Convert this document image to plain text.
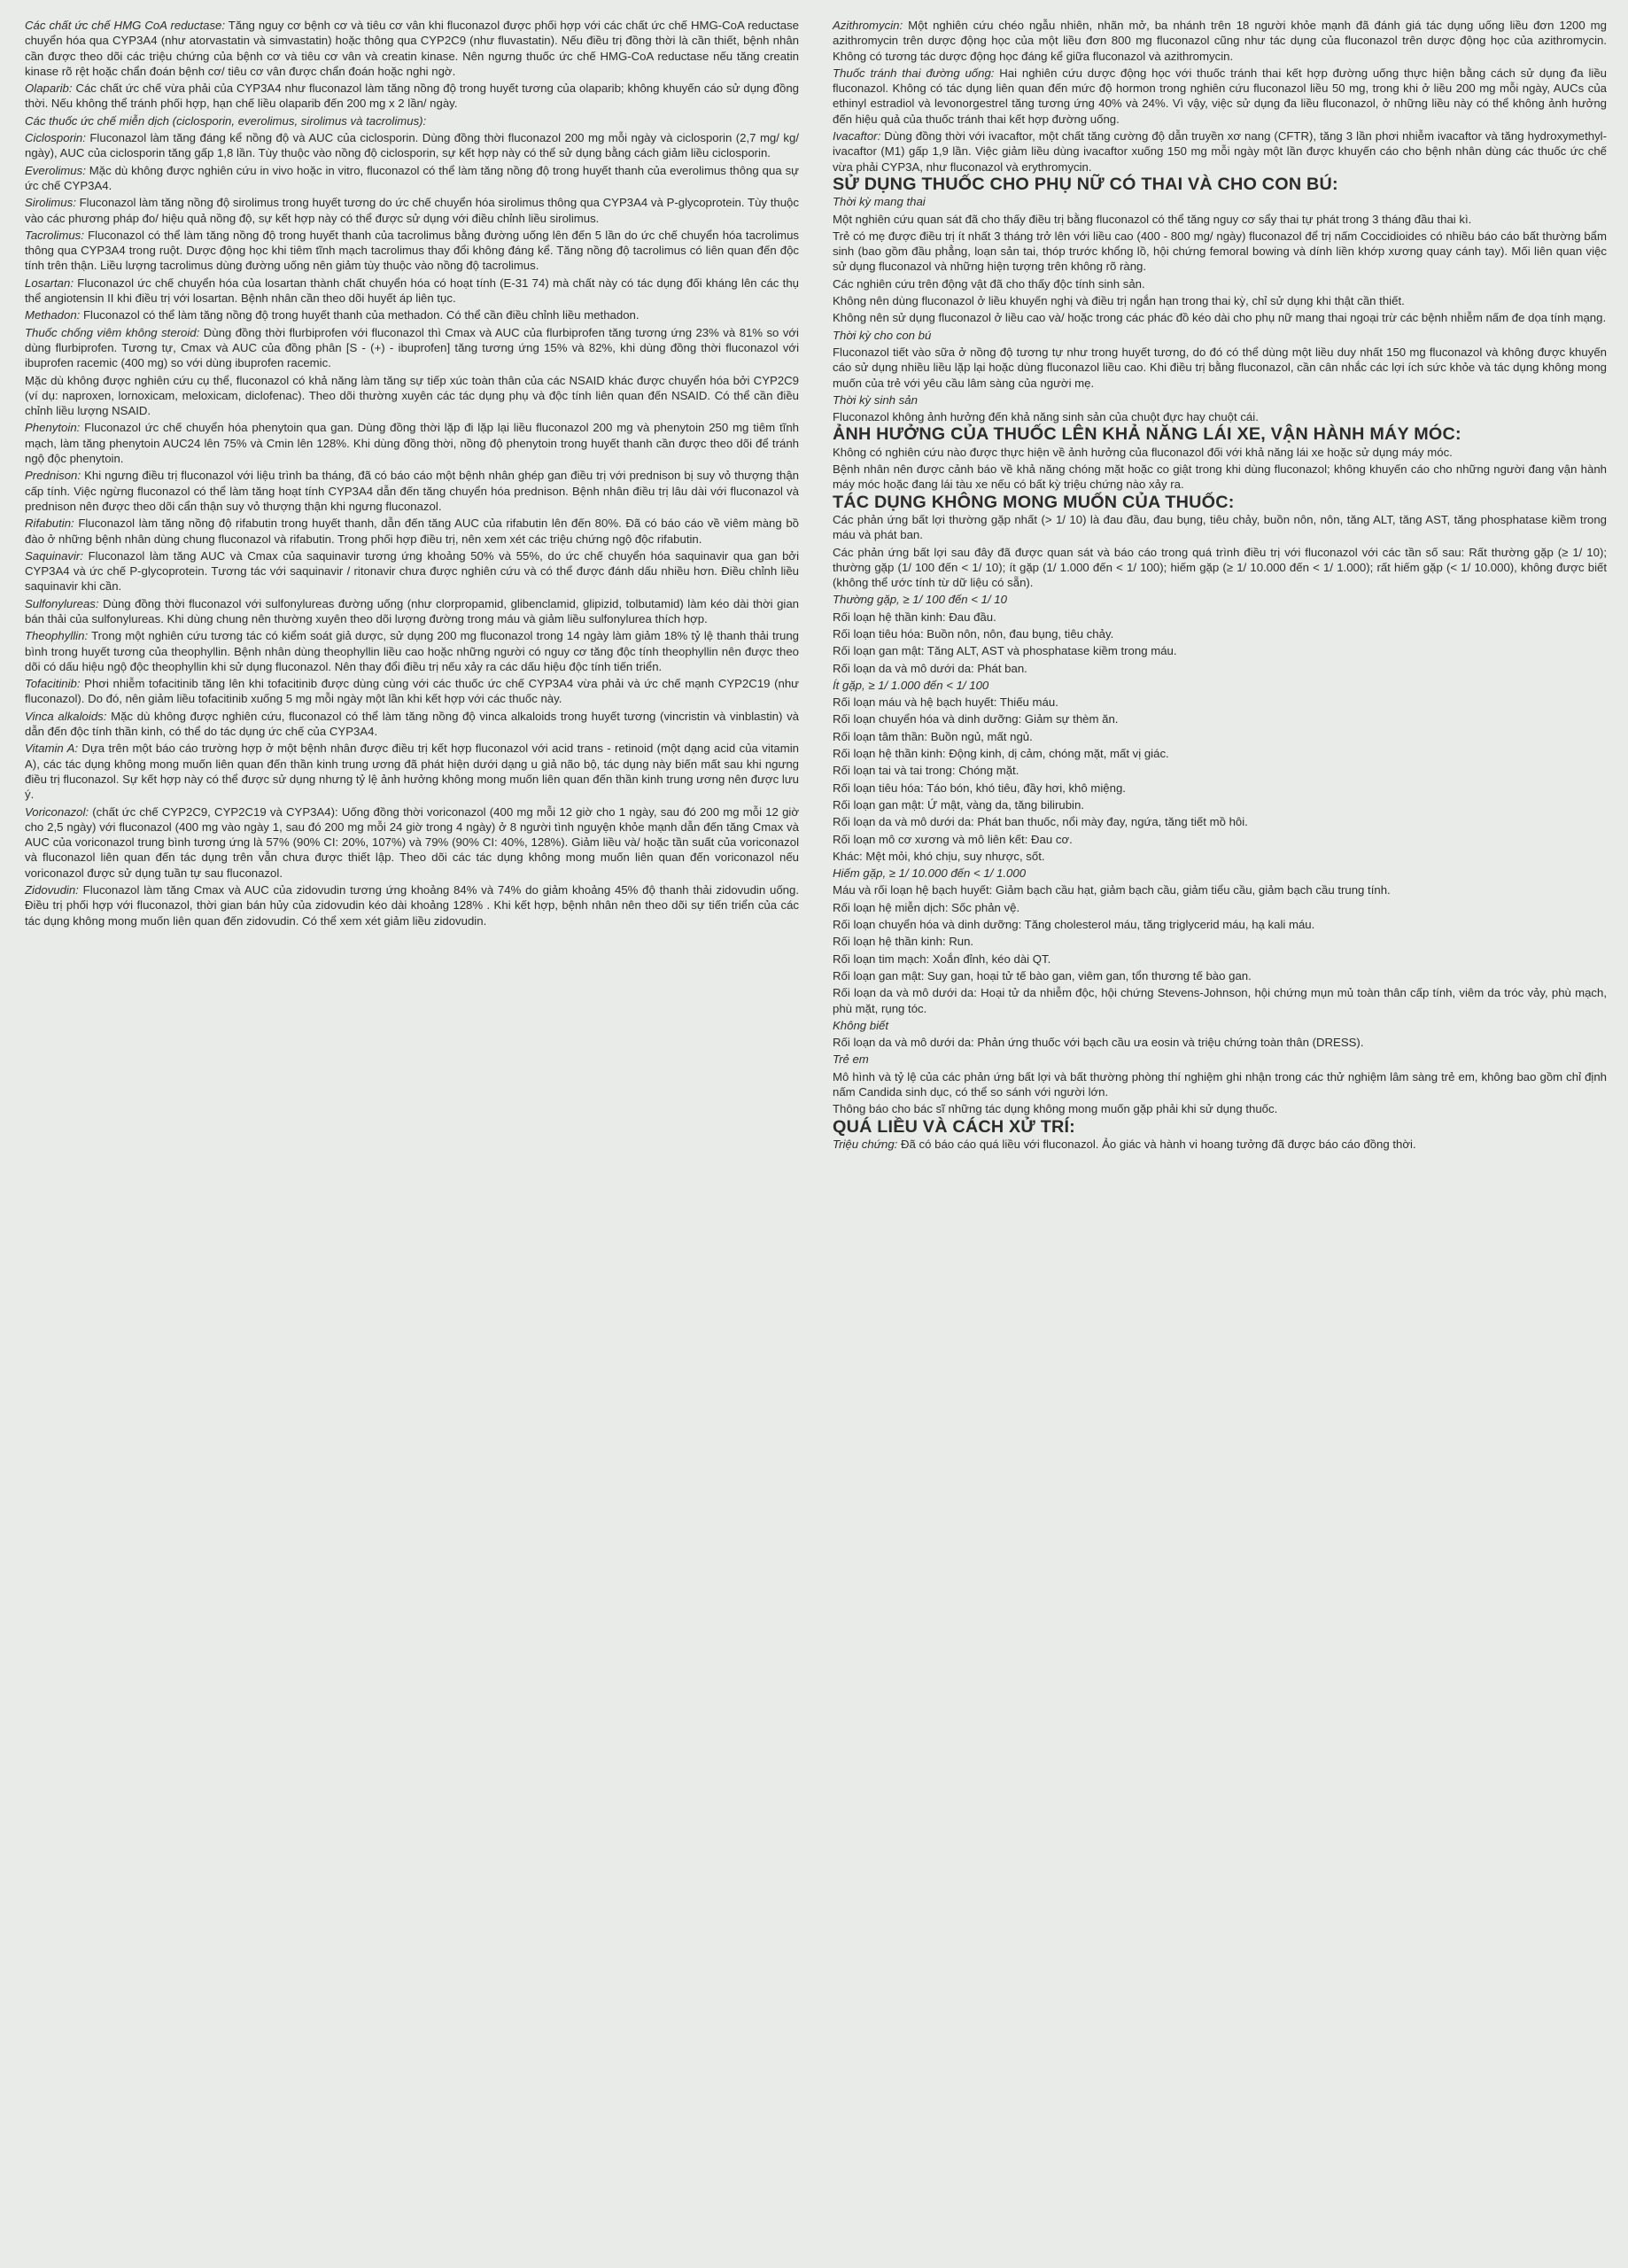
Các chất ức chế HMG CoA reductase: Tăng nguy cơ bệnh cơ và tiêu cơ vân khi fluconazol được phối hợp với các chất ức chế HMG-CoA reductase chuyển hóa qua CYP3A4 (như atorvastatin và simvastatin) hoặc thông qua CYP2C9 (như fluvastatin). Nếu điều trị đồng thời là cần thiết, bệnh nhân cần được theo dõi các triệu chứng của bệnh cơ và tiêu cơ vân và creatin kinase. Nên ngưng thuốc ức chế HMG-CoA reductase nếu tăng creatin kinase rõ rệt hoặc chẩn đoán bệnh cơ/ tiêu cơ vân được chẩn đoán hoặc nghi ngờ.

Olaparib: Các chất ức chế vừa phải của CYP3A4 như fluconazol làm tăng nồng độ trong huyết tương của olaparib; không khuyến cáo sử dụng đồng thời. Nếu không thể tránh phối hợp, hạn chế liều olaparib đến 200 mg x 2 lần/ ngày.

Các thuốc ức chế miễn dịch (ciclosporin, everolimus, sirolimus và tacrolimus):

Ciclosporin: Fluconazol làm tăng đáng kể nồng độ và AUC của ciclosporin. Dùng đồng thời fluconazol 200 mg mỗi ngày và ciclosporin (2,7 mg/ kg/ ngày), AUC của ciclosporin tăng gấp 1,8 lần. Tùy thuộc vào nồng độ ciclosporin, sự kết hợp này có thể sử dụng bằng cách giảm liều ciclosporin.

Everolimus: Mặc dù không được nghiên cứu in vivo hoặc in vitro, fluconazol có thể làm tăng nồng độ trong huyết thanh của everolimus thông qua sự ức chế CYP3A4.

Sirolimus: Fluconazol làm tăng nồng độ sirolimus trong huyết tương do ức chế chuyển hóa sirolimus thông qua CYP3A4 và P-glycoprotein. Tùy thuộc vào các phương pháp đo/ hiệu quả nồng độ, sự kết hợp này có thể được sử dụng với điều chỉnh liều sirolimus.

Tacrolimus: Fluconazol có thể làm tăng nồng độ trong huyết thanh của tacrolimus bằng đường uống lên đến 5 lần do ức chế chuyển hóa tacrolimus thông qua CYP3A4 trong ruột. Dược động học khi tiêm tĩnh mạch tacrolimus thay đổi không đáng kể. Tăng nồng độ tacrolimus có liên quan đến độc tính trên thận. Liều lượng tacrolimus dùng đường uống nên giảm tùy thuộc vào nồng độ tacrolimus.

Losartan: Fluconazol ức chế chuyển hóa của losartan thành chất chuyển hóa có hoạt tính (E-31 74) mà chất này có tác dụng đối kháng lên các thụ thể angiotensin II khi điều trị với losartan. Bệnh nhân cần theo dõi huyết áp liên tục.

Methadon: Fluconazol có thể làm tăng nồng độ trong huyết thanh của methadon. Có thể cần điều chỉnh liều methadon.

Thuốc chống viêm không steroid: Dùng đồng thời flurbiprofen với fluconazol thì Cmax và AUC của flurbiprofen tăng tương ứng 23% và 81% so với dùng flurbiprofen. Tương tự, Cmax và AUC của đồng phân [S - (+) - ibuprofen] tăng tương ứng 15% và 82%, khi dùng đồng thời fluconazol với ibuprofen racemic (400 mg) so với dùng ibuprofen racemic.

Mặc dù không được nghiên cứu cụ thể, fluconazol có khả năng làm tăng sự tiếp xúc toàn thân của các NSAID khác được chuyển hóa bởi CYP2C9 (ví dụ: naproxen, lornoxicam, meloxicam, diclofenac). Theo dõi thường xuyên các tác dụng phụ và độc tính liên quan đến NSAID. Có thể cần điều chỉnh liều lượng NSAID.

Phenytoin: Fluconazol ức chế chuyển hóa phenytoin qua gan. Dùng đồng thời lặp đi lặp lại liều fluconazol 200 mg và phenytoin 250 mg tiêm tĩnh mạch, làm tăng phenytoin AUC24 lên 75% và Cmin lên 128%. Khi dùng đồng thời, nồng độ phenytoin trong huyết thanh cần được theo dõi để tránh ngộ độc phenytoin.

Prednison: Khi ngưng điều trị fluconazol với liệu trình ba tháng, đã có báo cáo một bệnh nhân ghép gan điều trị với prednison bị suy vỏ thượng thận cấp tính. Việc ngừng fluconazol có thể làm tăng hoạt tính CYP3A4 dẫn đến tăng chuyển hóa prednison. Bệnh nhân điều trị lâu dài với fluconazol và prednison nên được theo dõi cẩn thận suy vỏ thượng thận khi ngưng fluconazol.

Rifabutin: Fluconazol làm tăng nồng độ rifabutin trong huyết thanh, dẫn đến tăng AUC của rifabutin lên đến 80%. Đã có báo cáo về viêm màng bồ đào ở những bệnh nhân dùng chung fluconazol và rifabutin. Trong phối hợp điều trị, nên xem xét các triệu chứng ngộ độc rifabutin.

Saquinavir: Fluconazol làm tăng AUC và Cmax của saquinavir tương ứng khoảng 50% và 55%, do ức chế chuyển hóa saquinavir qua gan bởi CYP3A4 và ức chế P-glycoprotein. Tương tác với saquinavir / ritonavir chưa được nghiên cứu và có thể được đánh dấu nhiều hơn. Điều chỉnh liều saquinavir khi cần.

Sulfonylureas: Dùng đồng thời fluconazol với sulfonylureas đường uống (như clorpropamid, glibenclamid, glipizid, tolbutamid) làm kéo dài thời gian bán thải của sulfonylureas. Khi dùng chung nên thường xuyên theo dõi lượng đường trong máu và giảm liều sulfonylurea thích hợp.

Theophyllin: Trong một nghiên cứu tương tác có kiểm soát giả dược, sử dụng 200 mg fluconazol trong 14 ngày làm giảm 18% tỷ lệ thanh thải trung bình trong huyết tương của theophyllin. Bệnh nhân dùng theophyllin liều cao hoặc những người có nguy cơ tăng độc tính theophyllin nên được theo dõi có dấu hiệu ngộ độc theophyllin khi sử dụng fluconazol. Nên thay đổi điều trị nếu xảy ra các dấu hiệu độc tính tiến triển.

Tofacitinib: Phơi nhiễm tofacitinib tăng lên khi tofacitinib được dùng cùng với các thuốc ức chế CYP3A4 vừa phải và ức chế mạnh CYP2C19 (như fluconazol). Do đó, nên giảm liều tofacitinib xuống 5 mg mỗi ngày một lần khi kết hợp với các thuốc này.

Vinca alkaloids: Mặc dù không được nghiên cứu, fluconazol có thể làm tăng nồng độ vinca alkaloids trong huyết tương (vincristin và vinblastin) và dẫn đến độc tính thần kinh, có thể do tác dụng ức chế của CYP3A4.

Vitamin A: Dựa trên một báo cáo trường hợp ở một bệnh nhân được điều trị kết hợp fluconazol với acid trans - retinoid (một dạng acid của vitamin A), các tác dụng không mong muốn liên quan đến thần kinh trung ương đã phát hiện dưới dạng u giả não bộ, tác dụng này biến mất sau khi ngưng điều trị fluconazol. Sự kết hợp này có thể được sử dụng nhưng tỷ lệ ảnh hưởng không mong muốn liên quan đến thần kinh trung ương nên được lưu ý.

Voriconazol: (chất ức chế CYP2C9, CYP2C19 và CYP3A4): Uống đồng thời voriconazol (400 mg mỗi 12 giờ cho 1 ngày, sau đó 200 mg mỗi 12 giờ cho 2,5 ngày) với fluconazol (400 mg vào ngày 1, sau đó 200 mg mỗi 24 giờ trong 4 ngày) ở 8 người tình nguyện khỏe mạnh dẫn đến tăng Cmax và AUC của voriconazol trung bình tương ứng là 57% (90% CI: 20%, 107%) và 79% (90% CI: 40%, 128%). Giảm liều và/ hoặc tần suất của voriconazol và fluconazol liên quan đến tác dụng trên vẫn chưa được thiết lập. Theo dõi các tác dụng không mong muốn liên quan đến voriconazol nếu voriconazol được sử dụng tuần tự sau fluconazol.

Zidovudin: Fluconazol làm tăng Cmax và AUC của zidovudin tương ứng khoảng 84% và 74% do giảm khoảng 45% độ thanh thải zidovudin uống. Điều trị phối hợp với fluconazol, thời gian bán hủy của zidovudin kéo dài khoảng 128% . Khi kết hợp, bệnh nhân nên theo dõi sự tiến triển của các tác dụng không mong muốn liên quan đến zidovudin. Có thể xem xét giảm liều zidovudin.

Azithromycin: Một nghiên cứu chéo ngẫu nhiên, nhãn mở, ba nhánh trên 18 người khỏe mạnh đã đánh giá tác dụng uống liều đơn 1200 mg azithromycin trên dược động học của một liều đơn 800 mg fluconazol cũng như tác dụng của fluconazol trên dược động học của azithromycin. Không có tương tác dược động học đáng kể giữa fluconazol và azithromycin.

Thuốc tránh thai đường uống: Hai nghiên cứu dược động học với thuốc tránh thai kết hợp đường uống thực hiện bằng cách sử dụng đa liều fluconazol. Không có tác dụng liên quan đến mức độ hormon trong nghiên cứu fluconazol liều 50 mg, trong khi ở liều 200 mg mỗi ngày, AUCs của ethinyl estradiol và levonorgestrel tăng tương ứng 40% và 24%. Vì vậy, việc sử dụng đa liều fluconazol, ở những liều này có thể không ảnh hưởng đến hiệu quả của thuốc tránh thai kết hợp đường uống.

Ivacaftor: Dùng đồng thời với ivacaftor, một chất tăng cường độ dẫn truyền xơ nang (CFTR), tăng 3 lần phơi nhiễm ivacaftor và tăng hydroxymethyl-ivacaftor (M1) gấp 1,9 lần. Việc giảm liều dùng ivacaftor xuống 150 mg mỗi ngày một lần được khuyến cáo cho bệnh nhân dùng các thuốc ức chế vừa phải CYP3A, như fluconazol và erythromycin.

SỬ DỤNG THUỐC CHO PHỤ NỮ CÓ THAI VÀ CHO CON BÚ:
Thời kỳ mang thai

Một nghiên cứu quan sát đã cho thấy điều trị bằng fluconazol có thể tăng nguy cơ sẩy thai tự phát trong 3 tháng đầu thai kì.

Trẻ có mẹ được điều trị ít nhất 3 tháng trở lên với liều cao (400 - 800 mg/ ngày) fluconazol để trị nấm Coccidioides có nhiều báo cáo bất thường bẩm sinh (bao gồm đầu phẳng, loạn sản tai, thóp trước khổng lồ, hội chứng femoral bowing và dính liền khớp xương quay cánh tay). Mối liên quan việc sử dụng fluconazol và những hiện tượng trên không rõ ràng.

Các nghiên cứu trên động vật đã cho thấy độc tính sinh sản.

Không nên dùng fluconazol ở liều khuyến nghị và điều trị ngắn hạn trong thai kỳ, chỉ sử dụng khi thật cần thiết.

Không nên sử dụng fluconazol ở liều cao và/ hoặc trong các phác đồ kéo dài cho phụ nữ mang thai ngoại trừ các bệnh nhiễm nấm đe dọa tính mạng.

Thời kỳ cho con bú

Fluconazol tiết vào sữa ở nồng độ tương tự như trong huyết tương, do đó có thể dùng một liều duy nhất 150 mg fluconazol và không được khuyến cáo sử dụng nhiều liều lặp lại hoặc dùng fluconazol liều cao. Khi điều trị bằng fluconazol, cần cân nhắc các lợi ích sức khỏe và tác dụng không mong muốn của trẻ với yêu cầu lâm sàng của người mẹ.

Thời kỳ sinh sản

Fluconazol không ảnh hưởng đến khả năng sinh sản của chuột đực hay chuột cái.

ẢNH HƯỞNG CỦA THUỐC LÊN KHẢ NĂNG LÁI XE, VẬN HÀNH MÁY MÓC:

Không có nghiên cứu nào được thực hiện về ảnh hưởng của fluconazol đối với khả năng lái xe hoặc sử dụng máy móc.

Bệnh nhân nên được cảnh báo về khả năng chóng mặt hoặc co giật trong khi dùng fluconazol; không khuyến cáo cho những người đang vận hành máy móc hoặc đang lái tàu xe nếu có bất kỳ triệu chứng nào xảy ra.

TÁC DỤNG KHÔNG MONG MUỐN CỦA THUỐC:

Các phản ứng bất lợi thường gặp nhất (> 1/ 10) là đau đầu, đau bụng, tiêu chảy, buồn nôn, nôn, tăng ALT, tăng AST, tăng phosphatase kiềm trong máu và phát ban.

Các phản ứng bất lợi sau đây đã được quan sát và báo cáo trong quá trình điều trị với fluconazol với các tần số sau: Rất thường gặp (≥ 1/ 10); thường gặp (1/ 100 đến < 1/ 10); ít gặp (1/ 1.000 đến < 1/ 100); hiếm gặp (≥ 1/ 10.000 đến < 1/ 1.000); rất hiếm gặp (< 1/ 10.000), không được biết (không thể ước tính từ dữ liệu có sẵn).

Thường gặp, ≥ 1/ 100 đến < 1/ 10

Rối loạn hệ thần kinh: Đau đầu.

Rối loạn tiêu hóa: Buồn nôn, nôn, đau bụng, tiêu chảy.

Rối loạn gan mật: Tăng ALT, AST và phosphatase kiềm trong máu.

Rối loạn da và mô dưới da: Phát ban.

Ít gặp, ≥ 1/ 1.000 đến < 1/ 100

Rối loạn máu và hệ bạch huyết: Thiếu máu.

Rối loạn chuyển hóa và dinh dưỡng: Giảm sự thèm ăn.

Rối loạn tâm thần: Buồn ngủ, mất ngủ.

Rối loạn hệ thần kinh: Động kinh, dị cảm, chóng mặt, mất vị giác.

Rối loạn tai và tai trong: Chóng mặt.

Rối loạn tiêu hóa: Táo bón, khó tiêu, đầy hơi, khô miệng.

Rối loạn gan mật: Ứ mật, vàng da, tăng bilirubin.

Rối loạn da và mô dưới da: Phát ban thuốc, nổi mày đay, ngứa, tăng tiết mồ hôi.

Rối loạn mô cơ xương và mô liên kết: Đau cơ.

Khác: Mệt mỏi, khó chịu, suy nhược, sốt.

Hiếm gặp, ≥ 1/ 10.000 đến < 1/ 1.000

Máu và rối loạn hệ bạch huyết: Giảm bạch cầu hạt, giảm bạch cầu, giảm tiểu cầu, giảm bạch cầu trung tính.

Rối loạn hệ miễn dịch: Sốc phản vệ.

Rối loạn chuyển hóa và dinh dưỡng: Tăng cholesterol máu, tăng triglycerid máu, hạ kali máu.

Rối loạn hệ thần kinh: Run.

Rối loạn tim mạch: Xoắn đỉnh, kéo dài QT.

Rối loạn gan mật: Suy gan, hoại tử tế bào gan, viêm gan, tổn thương tế bào gan.

Rối loạn da và mô dưới da: Hoại tử da nhiễm độc, hội chứng Stevens-Johnson, hội chứng mụn mủ toàn thân cấp tính, viêm da tróc vảy, phù mạch, phù mặt, rụng tóc.

Không biết

Rối loạn da và mô dưới da: Phản ứng thuốc với bạch cầu ưa eosin và triệu chứng toàn thân (DRESS).

Trẻ em

Mô hình và tỷ lệ của các phản ứng bất lợi và bất thường phòng thí nghiệm ghi nhận trong các thử nghiệm lâm sàng trẻ em, không bao gồm chỉ định nấm Candida sinh dục, có thể so sánh với người lớn.

Thông báo cho bác sĩ những tác dụng không mong muốn gặp phải khi sử dụng thuốc.

QUÁ LIỀU VÀ CÁCH XỬ TRÍ:

Triệu chứng: Đã có báo cáo quá liều với fluconazol. Ảo giác và hành vi hoang tưởng đã được báo cáo đồng thời.
